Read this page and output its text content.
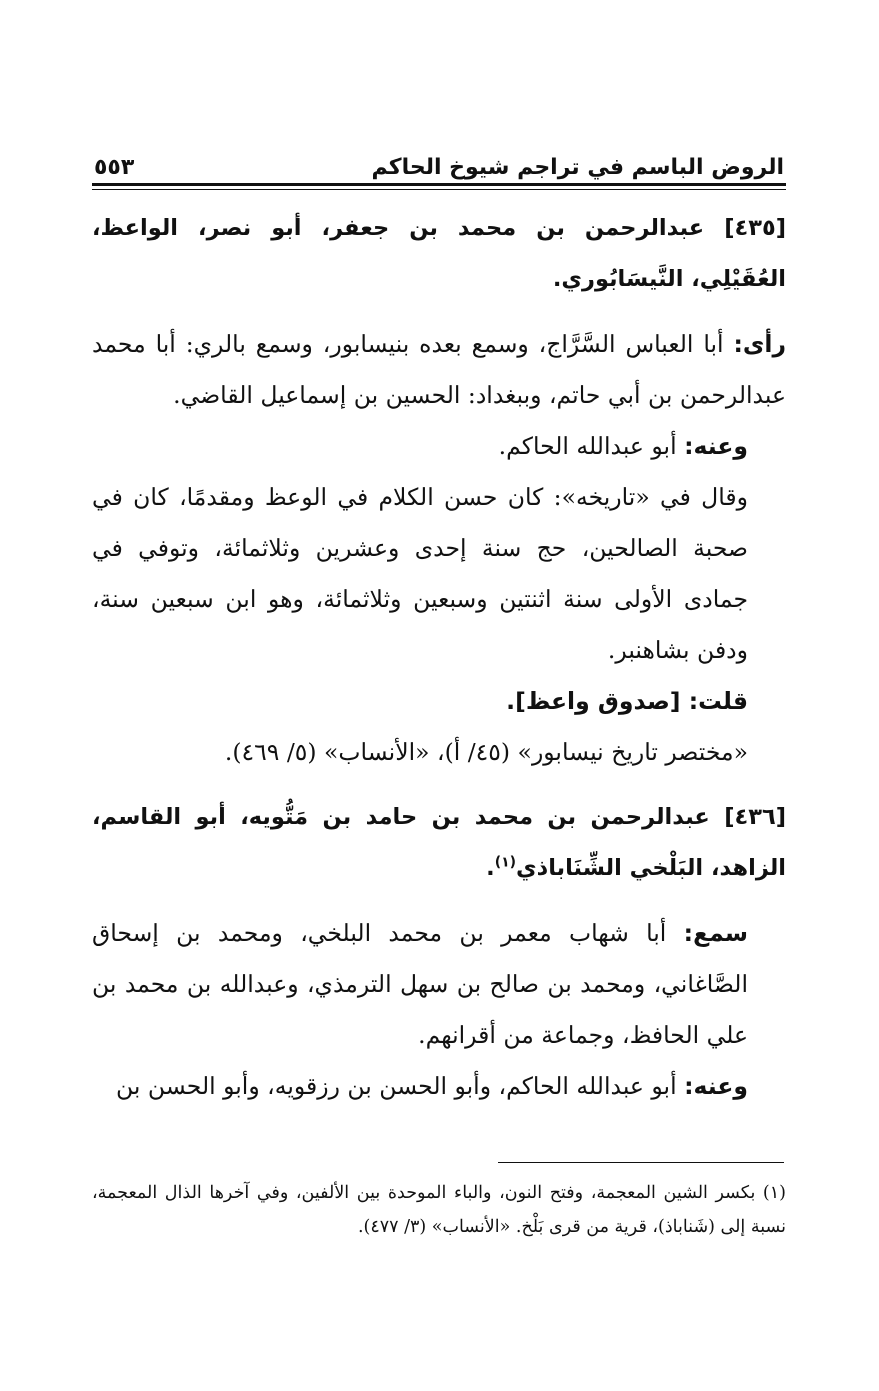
الروض الباسم في تراجم شيوخ الحاكم
٥٥٣

[٤٣٥] عبدالرحمن بن محمد بن جعفر، أبو نصر، الواعظ، العُقَيْلِي، النَّيسَابُوري.

رأى: أبا العباس السَّرَّاج، وسمع بعده بنيسابور، وسمع بالري: أبا محمد عبدالرحمن بن أبي حاتم، وببغداد: الحسين بن إسماعيل القاضي.

وعنه: أبو عبدالله الحاكم.

وقال في «تاريخه»: كان حسن الكلام في الوعظ ومقدمًا، كان في صحبة الصالحين، حج سنة إحدى وعشرين وثلاثمائة، وتوفي في جمادى الأولى سنة اثنتين وسبعين وثلاثمائة، وهو ابن سبعين سنة، ودفن بشاهنبر.

قلت: [صدوق واعظ].

«مختصر تاريخ نيسابور» (٤٥/ أ)، «الأنساب» (٥/ ٤٦٩).

[٤٣٦] عبدالرحمن بن محمد بن حامد بن مَتُّويه، أبو القاسم، الزاهد، البَلْخي الشِّنَاباذي$^{(١)}$.

سمع: أبا شهاب معمر بن محمد البلخي، ومحمد بن إسحاق الصَّاغاني، ومحمد بن صالح بن سهل الترمذي، وعبدالله بن محمد بن علي الحافظ، وجماعة من أقرانهم.

وعنه: أبو عبدالله الحاكم، وأبو الحسن بن رزقويه، وأبو الحسن بن

(١) بكسر الشين المعجمة، وفتح النون، والباء الموحدة بين الألفين، وفي آخرها الذال المعجمة، نسبة إلى (شَناباذ)، قرية من قرى بَلْخ. «الأنساب» (٣/ ٤٧٧).
